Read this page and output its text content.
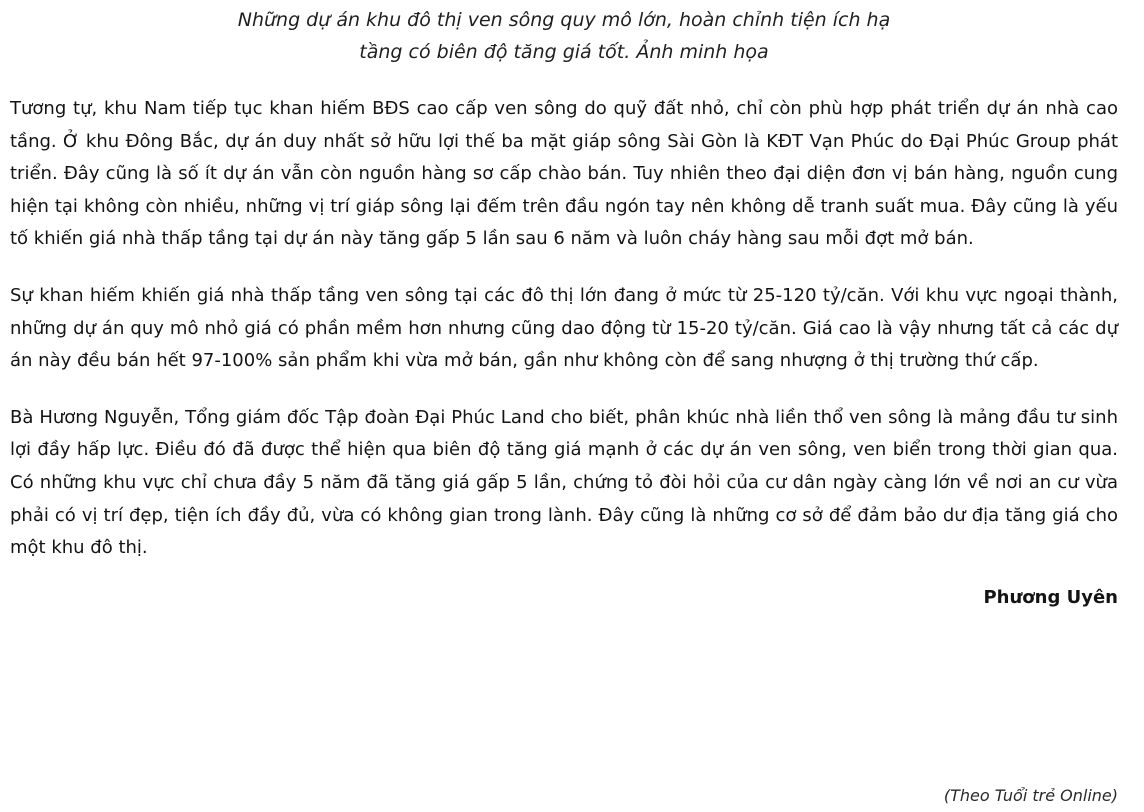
Những dự án khu đô thị ven sông quy mô lớn, hoàn chỉnh tiện ích hạ
tầng có biên độ tăng giá tốt. Ảnh minh họa

Tương tự, khu Nam tiếp tục khan hiếm BĐS cao cấp ven sông do quỹ đất nhỏ, chỉ còn phù hợp phát triển dự án nhà cao tầng. Ở khu Đông Bắc, dự án duy nhất sở hữu lợi thế ba mặt giáp sông Sài Gòn là KĐT Vạn Phúc do Đại Phúc Group phát triển. Đây cũng là số ít dự án vẫn còn nguồn hàng sơ cấp chào bán. Tuy nhiên theo đại diện đơn vị bán hàng, nguồn cung hiện tại không còn nhiều, những vị trí giáp sông lại đếm trên đầu ngón tay nên không dễ tranh suất mua. Đây cũng là yếu tố khiến giá nhà thấp tầng tại dự án này tăng gấp 5 lần sau 6 năm và luôn cháy hàng sau mỗi đợt mở bán.

Sự khan hiếm khiến giá nhà thấp tầng ven sông tại các đô thị lớn đang ở mức từ 25-120 tỷ/căn. Với khu vực ngoại thành, những dự án quy mô nhỏ giá có phần mềm hơn nhưng cũng dao động từ 15-20 tỷ/căn. Giá cao là vậy nhưng tất cả các dự án này đều bán hết 97-100% sản phẩm khi vừa mở bán, gần như không còn để sang nhượng ở thị trường thứ cấp.

Bà Hương Nguyễn, Tổng giám đốc Tập đoàn Đại Phúc Land cho biết, phân khúc nhà liền thổ ven sông là mảng đầu tư sinh lợi đầy hấp lực. Điều đó đã được thể hiện qua biên độ tăng giá mạnh ở các dự án ven sông, ven biển trong thời gian qua. Có những khu vực chỉ chưa đầy 5 năm đã tăng giá gấp 5 lần, chứng tỏ đòi hỏi của cư dân ngày càng lớn về nơi an cư vừa phải có vị trí đẹp, tiện ích đầy đủ, vừa có không gian trong lành. Đây cũng là những cơ sở để đảm bảo dư địa tăng giá cho một khu đô thị.

Phương Uyên

(Theo Tuổi trẻ Online)
